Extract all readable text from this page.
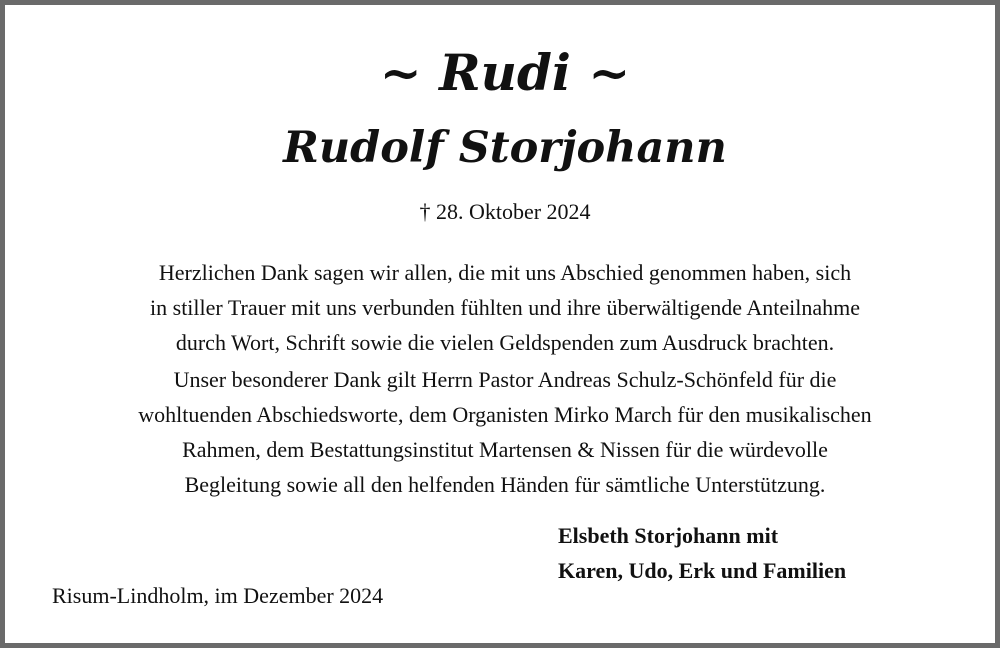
~ Rudi ~
Rudolf Storjohann
† 28. Oktober 2024
Herzlichen Dank sagen wir allen, die mit uns Abschied genommen haben, sich
in stiller Trauer mit uns verbunden fühlten und ihre überwältigende Anteilnahme
durch Wort, Schrift sowie die vielen Geldspenden zum Ausdruck brachten.
Unser besonderer Dank gilt Herrn Pastor Andreas Schulz-Schönfeld für die
wohltuenden Abschiedsworte, dem Organisten Mirko March für den musikalischen
Rahmen, dem Bestattungsinstitut Martensen & Nissen für die würdevolle
Begleitung sowie all den helfenden Händen für sämtliche Unterstützung.
Elsbeth Storjohann mit
Karen, Udo, Erk und Familien
Risum-Lindholm, im Dezember 2024
